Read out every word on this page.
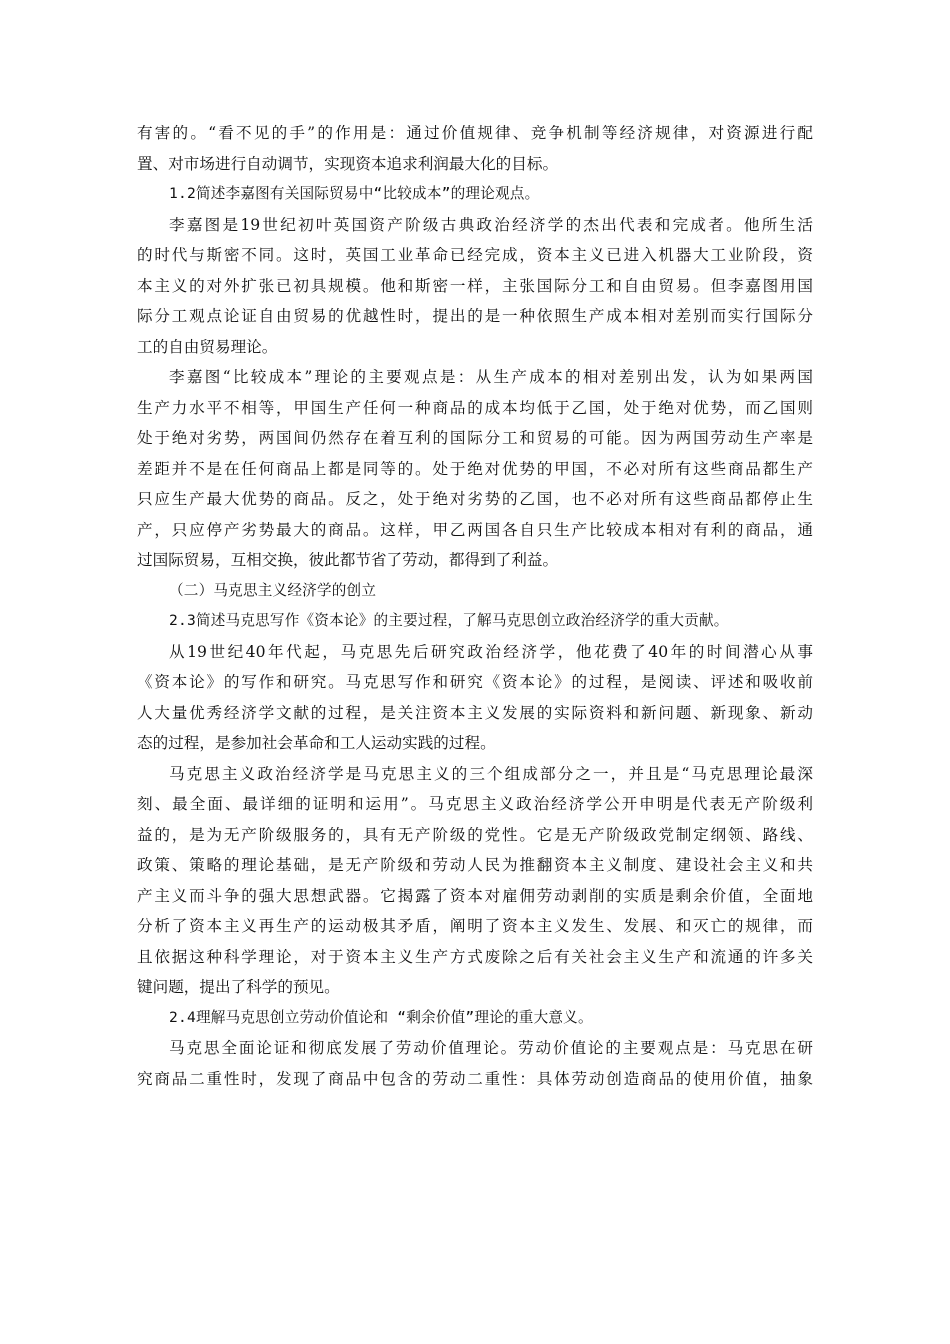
有害的。“看不见的手”的作用是：通过价值规律、竞争机制等经济规律，对资源进行配
置、对市场进行自动调节，实现资本追求利润最大化的目标。
1.2简述李嘉图有关国际贸易中“比较成本”的理论观点。
李嘉图是19世纪初叶英国资产阶级古典政治经济学的杰出代表和完成者。他所生活
的时代与斯密不同。这时，英国工业革命已经完成，资本主义已进入机器大工业阶段，资
本主义的对外扩张已初具规模。他和斯密一样，主张国际分工和自由贸易。但李嘉图用国
际分工观点论证自由贸易的优越性时，提出的是一种依照生产成本相对差别而实行国际分
工的自由贸易理论。
李嘉图“比较成本”理论的主要观点是：从生产成本的相对差别出发，认为如果两国
生产力水平不相等，甲国生产任何一种商品的成本均低于乙国，处于绝对优势，而乙国则
处于绝对劣势，两国间仍然存在着互利的国际分工和贸易的可能。因为两国劳动生产率是
差距并不是在任何商品上都是同等的。处于绝对优势的甲国，不必对所有这些商品都生产
只应生产最大优势的商品。反之，处于绝对劣势的乙国，也不必对所有这些商品都停止生
产，只应停产劣势最大的商品。这样，甲乙两国各自只生产比较成本相对有利的商品，通
过国际贸易，互相交换，彼此都节省了劳动，都得到了利益。
（二）马克思主义经济学的创立
2.3简述马克思写作《资本论》的主要过程，了解马克思创立政治经济学的重大贡献。
从19世纪40年代起，马克思先后研究政治经济学，他花费了40年的时间潜心从事
《资本论》的写作和研究。马克思写作和研究《资本论》的过程，是阅读、评述和吸收前
人大量优秀经济学文献的过程，是关注资本主义发展的实际资料和新问题、新现象、新动
态的过程，是参加社会革命和工人运动实践的过程。
马克思主义政治经济学是马克思主义的三个组成部分之一，并且是“马克思理论最深
刻、最全面、最详细的证明和运用”。马克思主义政治经济学公开申明是代表无产阶级利
益的，是为无产阶级服务的，具有无产阶级的党性。它是无产阶级政党制定纲领、路线、
政策、策略的理论基础，是无产阶级和劳动人民为推翻资本主义制度、建设社会主义和共
产主义而斗争的强大思想武器。它揭露了资本对雇佣劳动剥削的实质是剩余价值，全面地
分析了资本主义再生产的运动极其矛盾，阐明了资本主义发生、发展、和灭亡的规律，而
且依据这种科学理论，对于资本主义生产方式废除之后有关社会主义生产和流通的许多关
键问题，提出了科学的预见。
2.4理解马克思创立劳动价值论和 “剩余价值”理论的重大意义。
马克思全面论证和彻底发展了劳动价值理论。劳动价值论的主要观点是：马克思在研
究商品二重性时，发现了商品中包含的劳动二重性：具体劳动创造商品的使用价值，抽象
